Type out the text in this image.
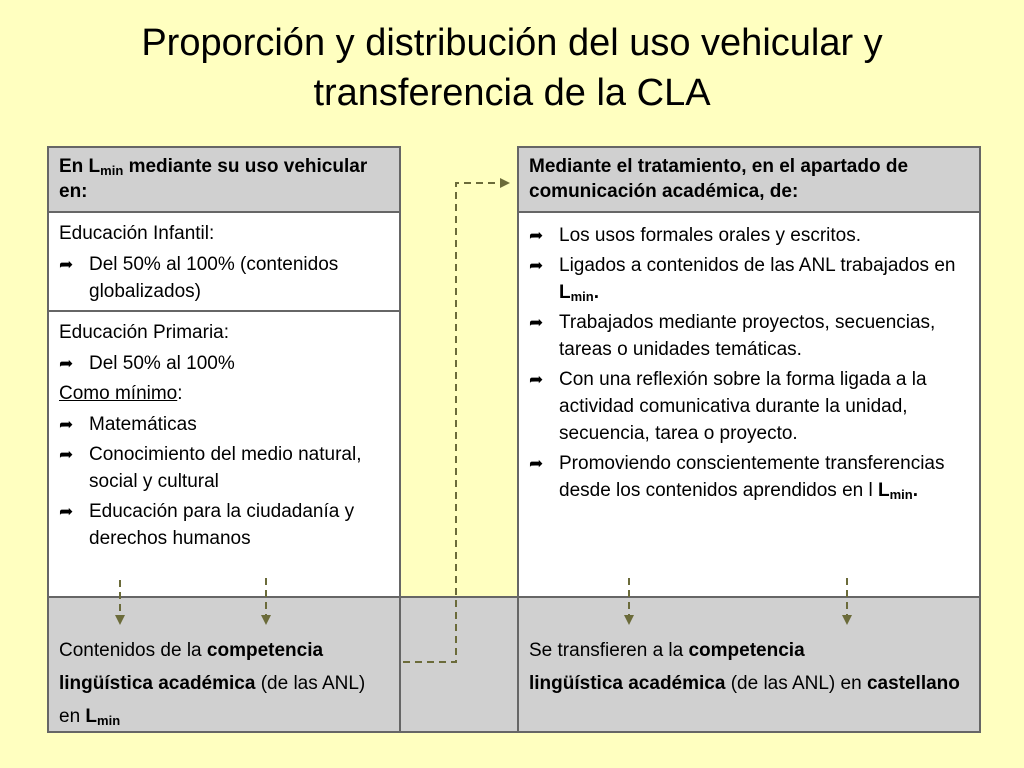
Proporción y distribución del uso vehicular y transferencia de la CLA
En $L_{min}$ mediante su uso vehicular en:
Educación Infantil:
➦ Del 50% al 100% (contenidos globalizados)
Educación Primaria:
➦ Del 50% al 100%
Como mínimo:
➦ Matemáticas
➦ Conocimiento del medio natural, social y cultural
➦ Educación para la ciudadanía y derechos humanos
Contenidos de la competencia
lingüística académica (de las ANL) en $L_{min}$
Mediante el tratamiento, en el apartado de comunicación académica, de:
➦ Los usos formales orales y escritos.
➦ Ligados a contenidos de las ANL trabajados en $L_{min}$.
➦ Trabajados mediante proyectos, secuencias, tareas o unidades temáticas.
➦ Con una reflexión sobre la forma ligada a la actividad comunicativa durante la unidad, secuencia, tarea o proyecto.
➦ Promoviendo conscientemente transferencias desde los contenidos aprendidos en l $L_{min}$.
Se transfieren a la competencia

lingüística académica (de las ANL) en castellano
